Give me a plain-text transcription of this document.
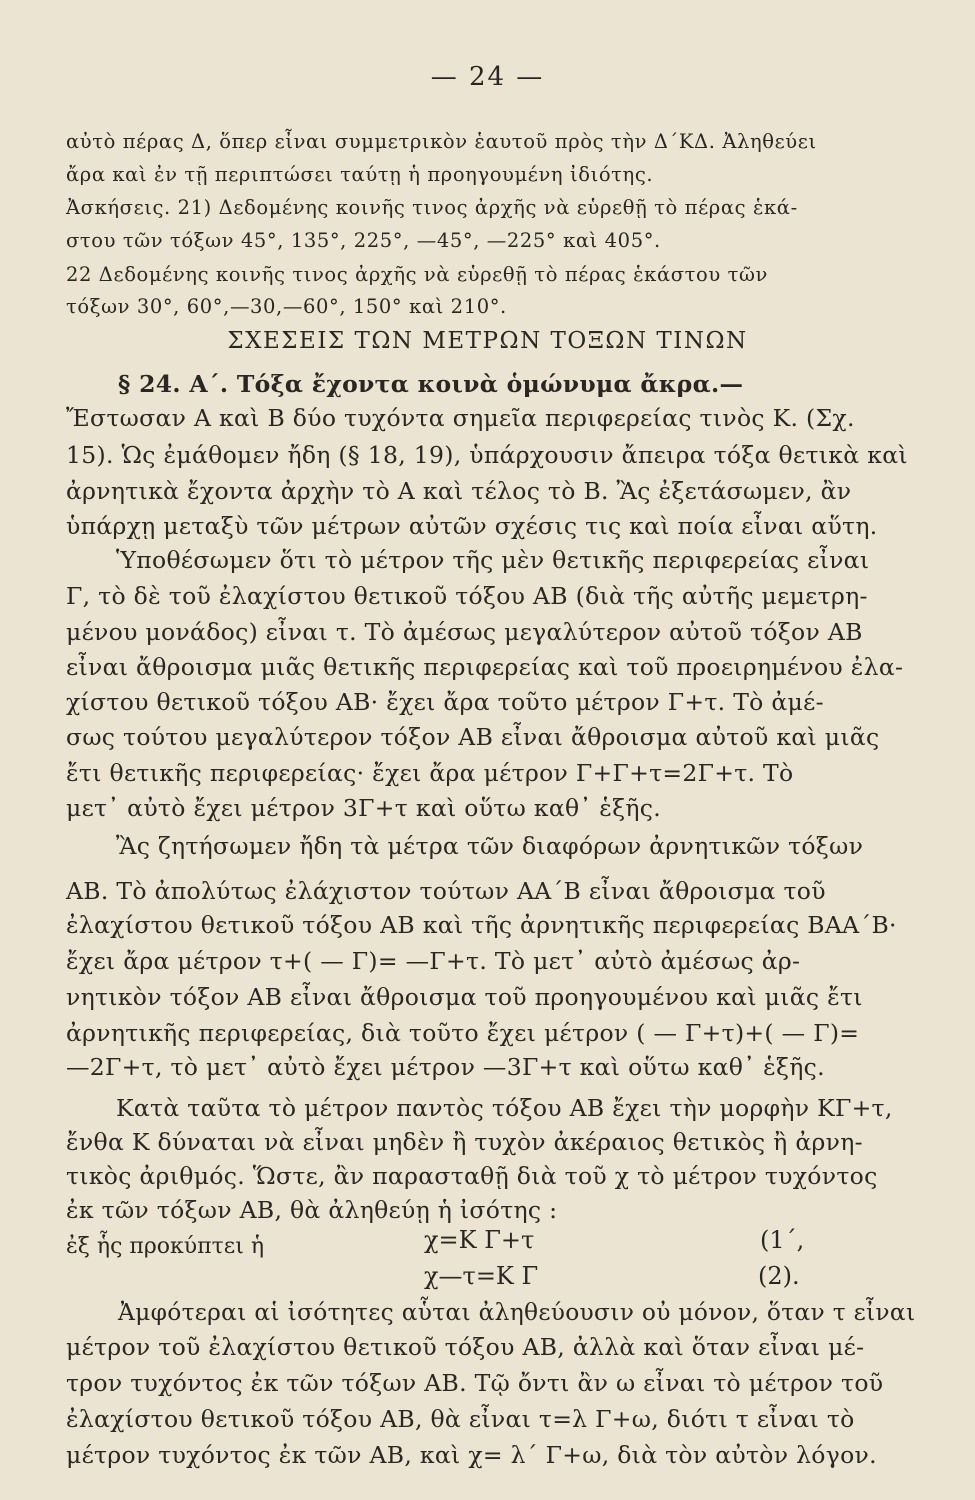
— 24 —
αὐτὸ πέρας Δ, ὅπερ εἶναι συμμετρικὸν ἑαυτοῦ πρὸς τὴν Δ΄ΚΔ. Ἀληθεύει
ἄρα καὶ ἐν τῇ περιπτώσει ταύτῃ ἡ προηγουμένη ἰδιότης.
Ἀσκήσεις. 21) Δεδομένης κοινῆς τινος ἀρχῆς νὰ εὑρεθῇ τὸ πέρας ἑκά-
στου τῶν τόξων 45°, 135°, 225°, —45°, —225° καὶ 405°.
22 Δεδομένης κοινῆς τινος ἀρχῆς νὰ εὑρεθῇ τὸ πέρας ἑκάστου τῶν
τόξων 30°, 60°,—30,—60°, 150° καὶ 210°.
ΣΧΕΣΕΙΣ ΤΩΝ ΜΕΤΡΩΝ ΤΟΞΩΝ ΤΙΝΩΝ
§ 24. Α΄. Τόξα ἔχοντα κοινὰ ὁμώνυμα ἄκρα.—
Ἔστωσαν Α καὶ Β δύο τυχόντα σημεῖα περιφερείας τινὸς Κ. (Σχ.
15). Ὡς ἐμάθομεν ἤδη (§ 18, 19), ὑπάρχουσιν ἄπειρα τόξα θετικὰ καὶ
ἀρνητικὰ ἔχοντα ἀρχὴν τὸ Α καὶ τέλος τὸ Β. Ἂς ἐξετάσωμεν, ἂν
ὑπάρχῃ μεταξὺ τῶν μέτρων αὐτῶν σχέσις τις καὶ ποία εἶναι αὕτη.
Ὑποθέσωμεν ὅτι τὸ μέτρον τῆς μὲν θετικῆς περιφερείας εἶναι
Γ, τὸ δὲ τοῦ ἐλαχίστου θετικοῦ τόξου ΑΒ (διὰ τῆς αὐτῆς μεμετρη-
μένου μονάδος) εἶναι τ. Τὸ ἀμέσως μεγαλύτερον αὐτοῦ τόξον ΑΒ
εἶναι ἄθροισμα μιᾶς θετικῆς περιφερείας καὶ τοῦ προειρημένου ἐλα-
χίστου θετικοῦ τόξου ΑΒ· ἔχει ἄρα τοῦτο μέτρον Γ+τ. Τὸ ἀμέ-
σως τούτου μεγαλύτερον τόξον ΑΒ εἶναι ἄθροισμα αὐτοῦ καὶ μιᾶς
ἔτι θετικῆς περιφερείας· ἔχει ἄρα μέτρον Γ+Γ+τ=2Γ+τ. Τὸ
μετ᾽ αὐτὸ ἔχει μέτρον 3Γ+τ καὶ οὕτω καθ᾽ ἑξῆς.
Ἂς ζητήσωμεν ἤδη τὰ μέτρα τῶν διαφόρων ἀρνητικῶν τόξων
ΑΒ. Τὸ ἀπολύτως ἐλάχιστον τούτων ΑΑ΄Β εἶναι ἄθροισμα τοῦ
ἐλαχίστου θετικοῦ τόξου ΑΒ καὶ τῆς ἀρνητικῆς περιφερείας ΒΑΑ΄Β·
ἔχει ἄρα μέτρον τ+( — Γ)= —Γ+τ. Τὸ μετ᾽ αὐτὸ ἀμέσως ἀρ-
νητικὸν τόξον ΑΒ εἶναι ἄθροισμα τοῦ προηγουμένου καὶ μιᾶς ἔτι
ἀρνητικῆς περιφερείας, διὰ τοῦτο ἔχει μέτρον ( — Γ+τ)+( — Γ)=
—2Γ+τ, τὸ μετ᾽ αὐτὸ ἔχει μέτρον —3Γ+τ καὶ οὕτω καθ᾽ ἑξῆς.
Κατὰ ταῦτα τὸ μέτρον παντὸς τόξου ΑΒ ἔχει τὴν μορφὴν ΚΓ+τ,
ἔνθα Κ δύναται νὰ εἶναι μηδὲν ἢ τυχὸν ἀκέραιος θετικὸς ἢ ἀρνη-
τικὸς ἀριθμός. Ὥστε, ἂν παρασταθῇ διὰ τοῦ χ τὸ μέτρον τυχόντος
ἐκ τῶν τόξων ΑΒ, θὰ ἀληθεύῃ ἡ ἰσότης :
ἐξ ἧς προκύπτει ἡ	χ=Κ Γ+τ	(1΄,
χ—τ=Κ Γ	(2).
Ἀμφότεραι αἱ ἰσότητες αὗται ἀληθεύουσιν οὐ μόνον, ὅταν τ εἶναι
μέτρον τοῦ ἐλαχίστου θετικοῦ τόξου ΑΒ, ἀλλὰ καὶ ὅταν εἶναι μέ-
τρον τυχόντος ἐκ τῶν τόξων ΑΒ. Τῷ ὄντι ἂν ω εἶναι τὸ μέτρον τοῦ
ἐλαχίστου θετικοῦ τόξου ΑΒ, θὰ εἶναι τ=λ Γ+ω, διότι τ εἶναι τὸ
μέτρον τυχόντος ἐκ τῶν ΑΒ, καὶ χ= λ΄ Γ+ω, διὰ τὸν αὐτὸν λόγον.
